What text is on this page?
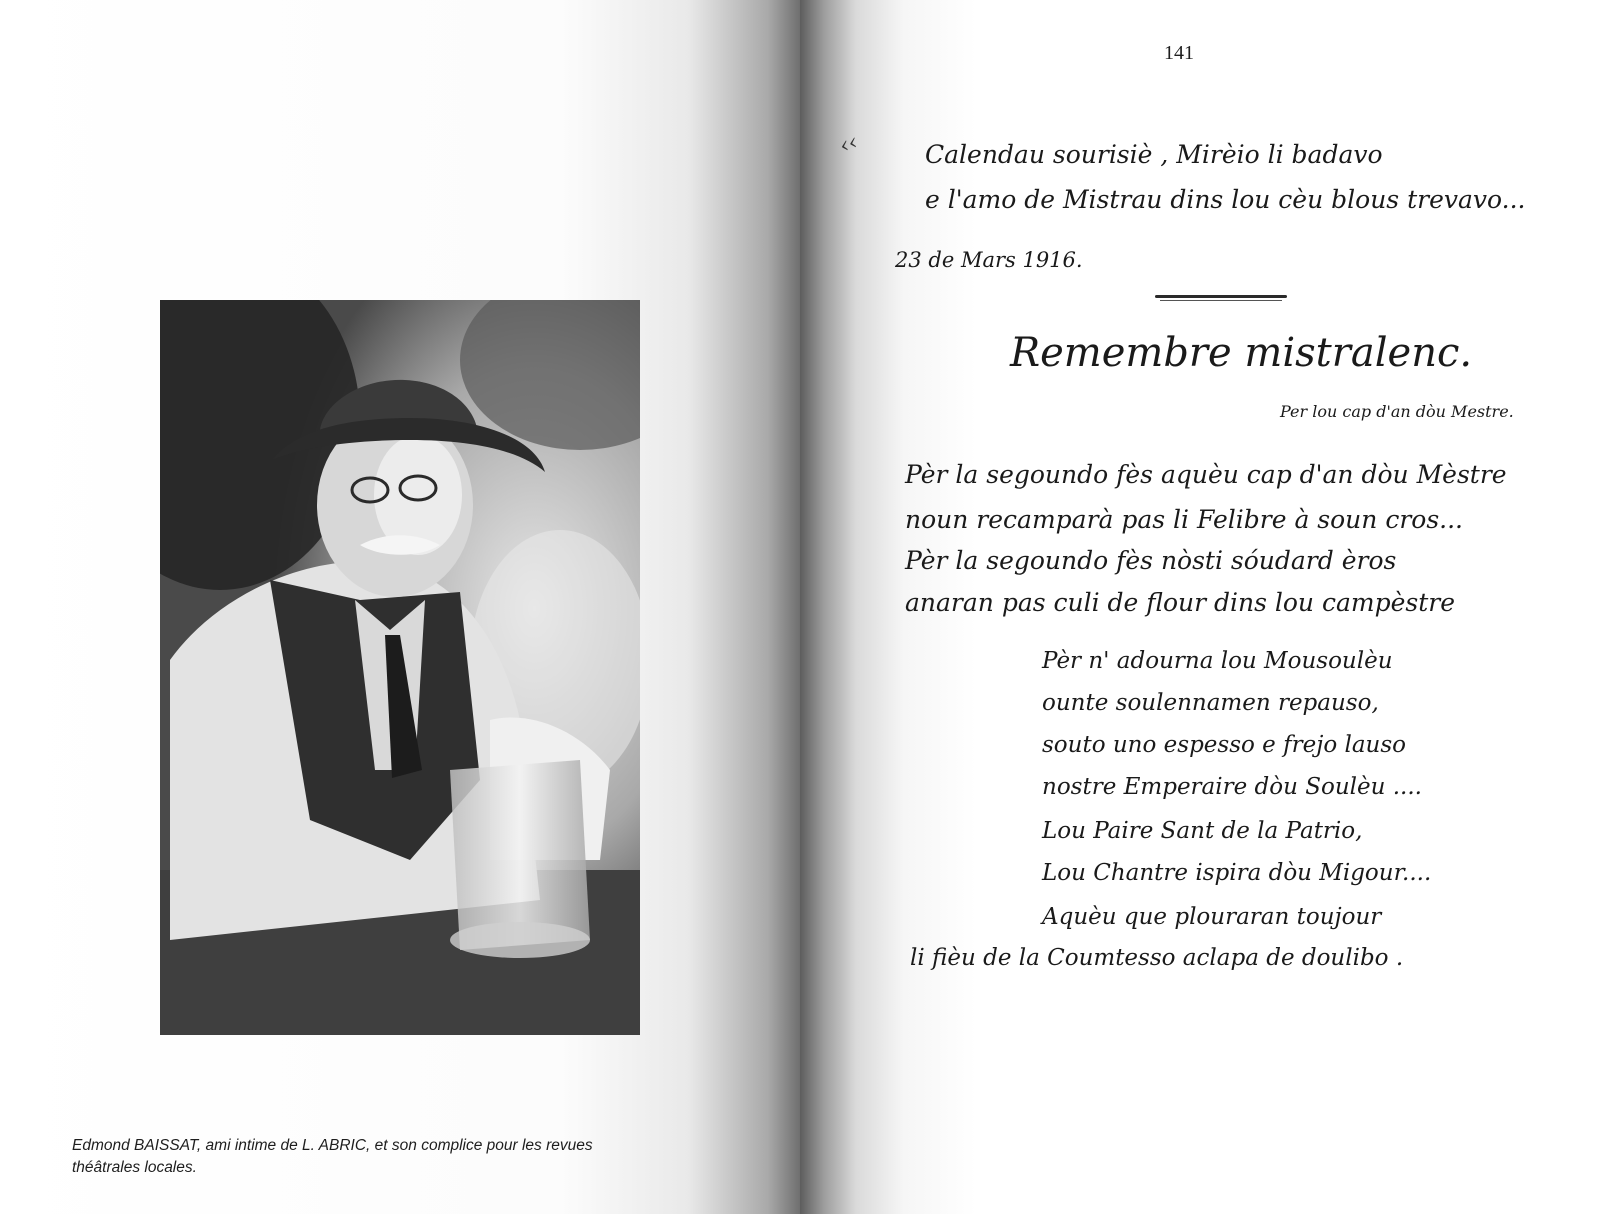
Edmond BAISSAT, ami intime de L. ABRIC, et son complice pour les revues
théâtrales locales.
141
‹‹	Calendau sourisiè , Mirèio li badavo
e l'amo de Mistrau dins lou cèu blous trevavo...
23 de Mars 1916.
Remembre mistralenc.
Per lou cap d'an dòu Mestre.
Pèr la segoundo fès aquèu cap d'an dòu Mèstre
noun recamparà pas li Felibre à soun cros...
Pèr la segoundo fès nòsti sóudard èros
anaran pas culi de flour dins lou campèstre
Pèr n' adourna lou Mousoulèu
ounte soulennamen repauso,
souto uno espesso e frejo lauso
nostre Emperaire dòu Soulèu ....
Lou Paire Sant de la Patrio,
Lou Chantre ispira dòu Migour....
Aquèu que plouraran toujour
li fièu de la Coumtesso aclapa de doulibo .
